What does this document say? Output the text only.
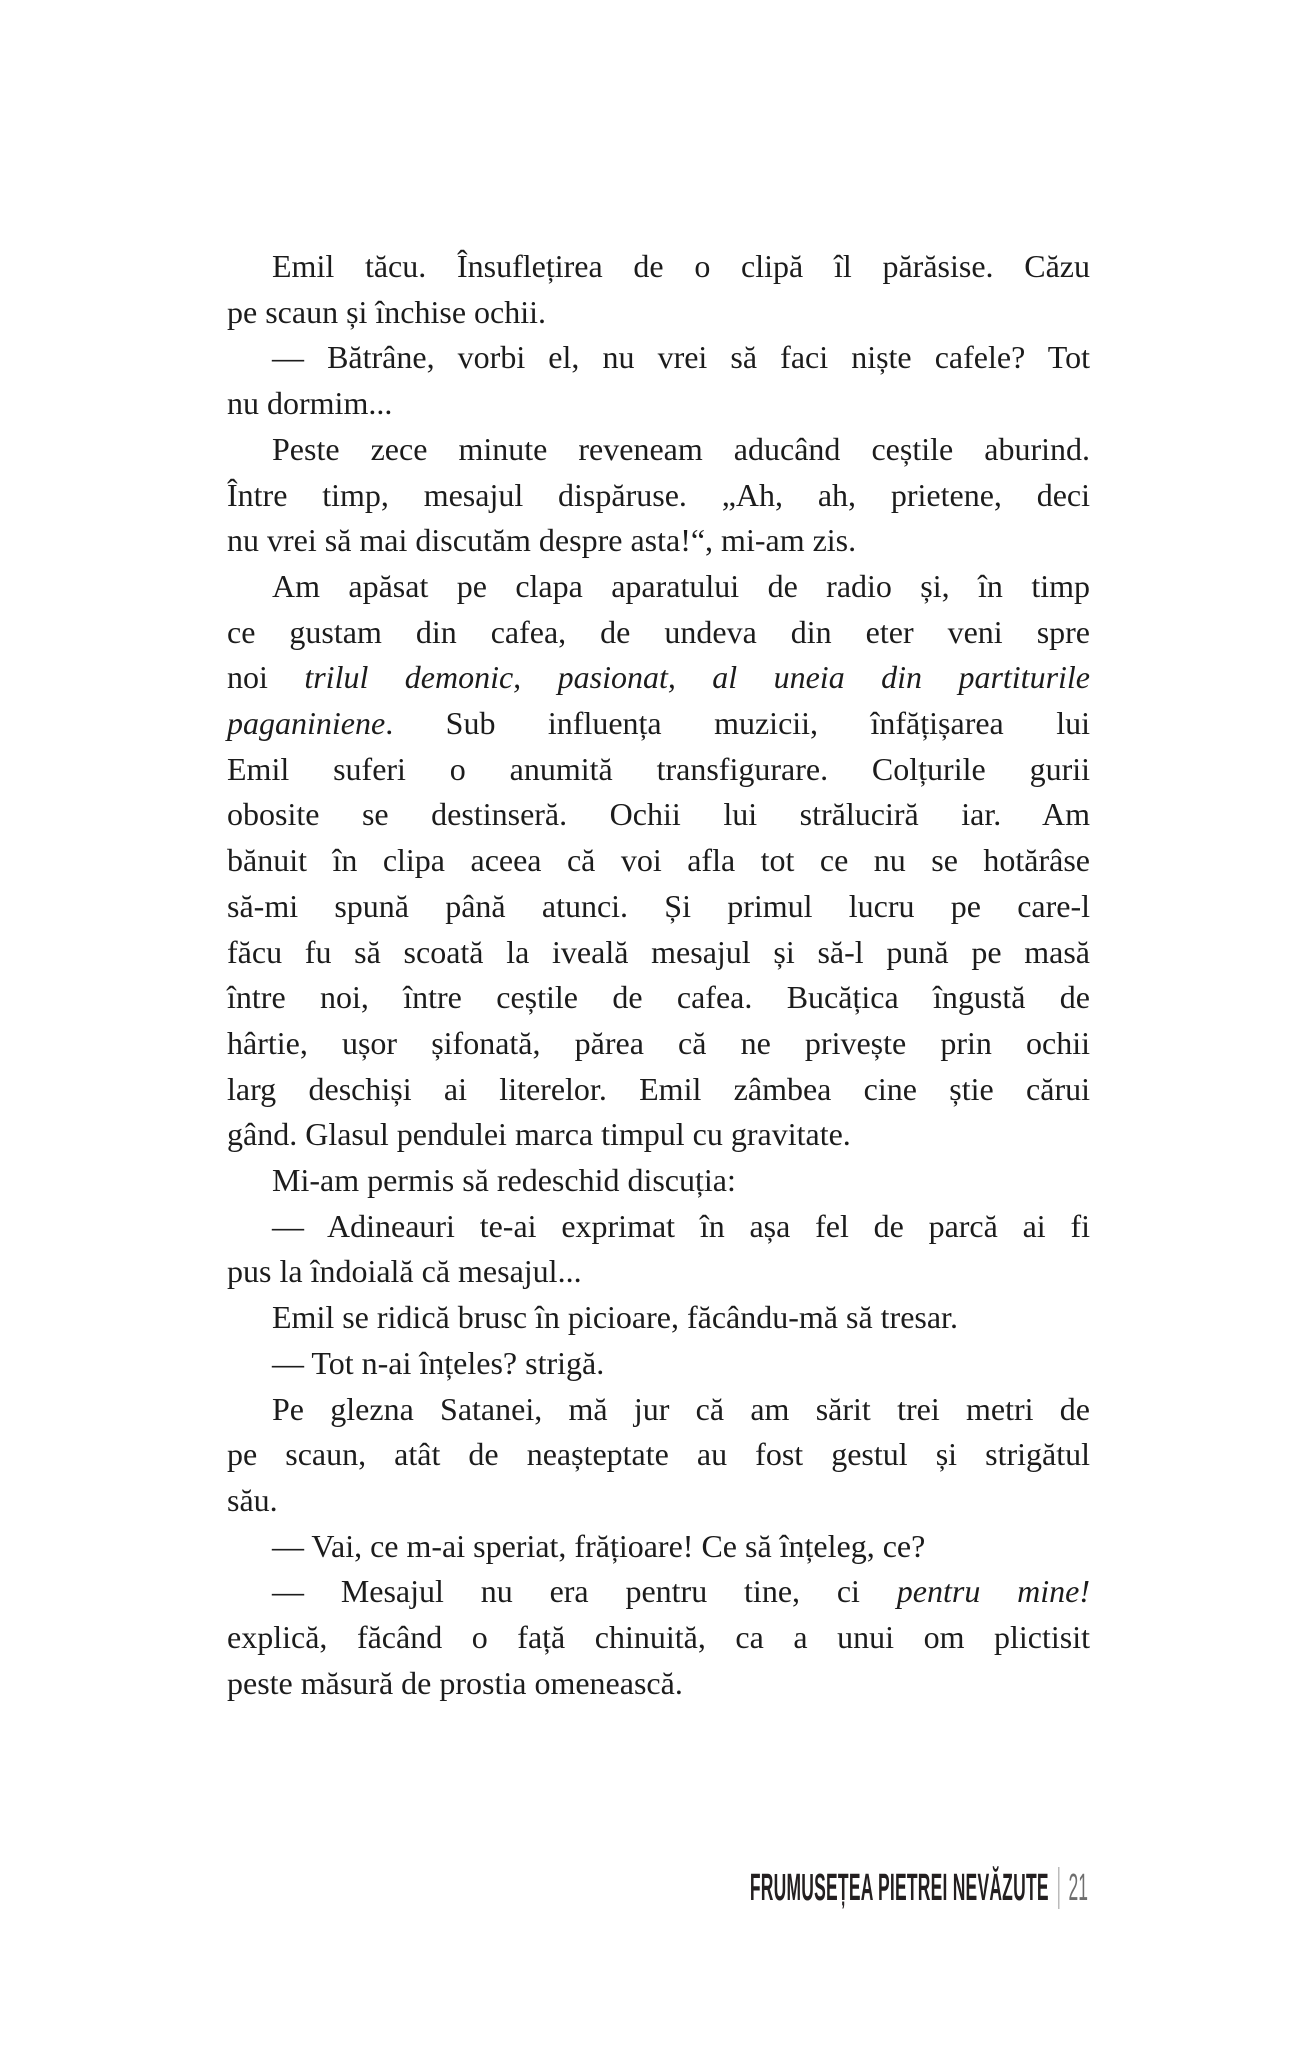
Emil tăcu. Însuflețirea de o clipă îl părăsise. Căzu
pe scaun și închise ochii.
— Bătrâne, vorbi el, nu vrei să faci niște cafele? Tot
nu dormim...
Peste zece minute reveneam aducând ceștile aburind.
Între timp, mesajul dispăruse. „Ah, ah, prietene, deci
nu vrei să mai discutăm despre asta!“, mi-am zis.
Am apăsat pe clapa aparatului de radio și, în timp
ce gustam din cafea, de undeva din eter veni spre
noi trilul demonic, pasionat, al uneia din partiturile
paganiniene. Sub influența muzicii, înfățișarea lui
Emil suferi o anumită transfigurare. Colțurile gurii
obosite se destinseră. Ochii lui străluciră iar. Am
bănuit în clipa aceea că voi afla tot ce nu se hotărâse
să-mi spună până atunci. Și primul lucru pe care-l
făcu fu să scoată la iveală mesajul și să-l pună pe masă
între noi, între ceștile de cafea. Bucățica îngustă de
hârtie, ușor șifonată, părea că ne privește prin ochii
larg deschiși ai literelor. Emil zâmbea cine știe cărui
gând. Glasul pendulei marca timpul cu gravitate.
Mi-am permis să redeschid discuția:
— Adineauri te-ai exprimat în așa fel de parcă ai fi
pus la îndoială că mesajul...
Emil se ridică brusc în picioare, făcându-mă să tresar.
— Tot n-ai înțeles? strigă.
Pe glezna Satanei, mă jur că am sărit trei metri de
pe scaun, atât de neașteptate au fost gestul și strigătul
său.
— Vai, ce m-ai speriat, frățioare! Ce să înțeleg, ce?
— Mesajul nu era pentru tine, ci pentru mine!
explică, făcând o față chinuită, ca a unui om plictisit
peste măsură de prostia omenească.
FRUMUSEȚEA PIETREI NEVĂZUTE 21
